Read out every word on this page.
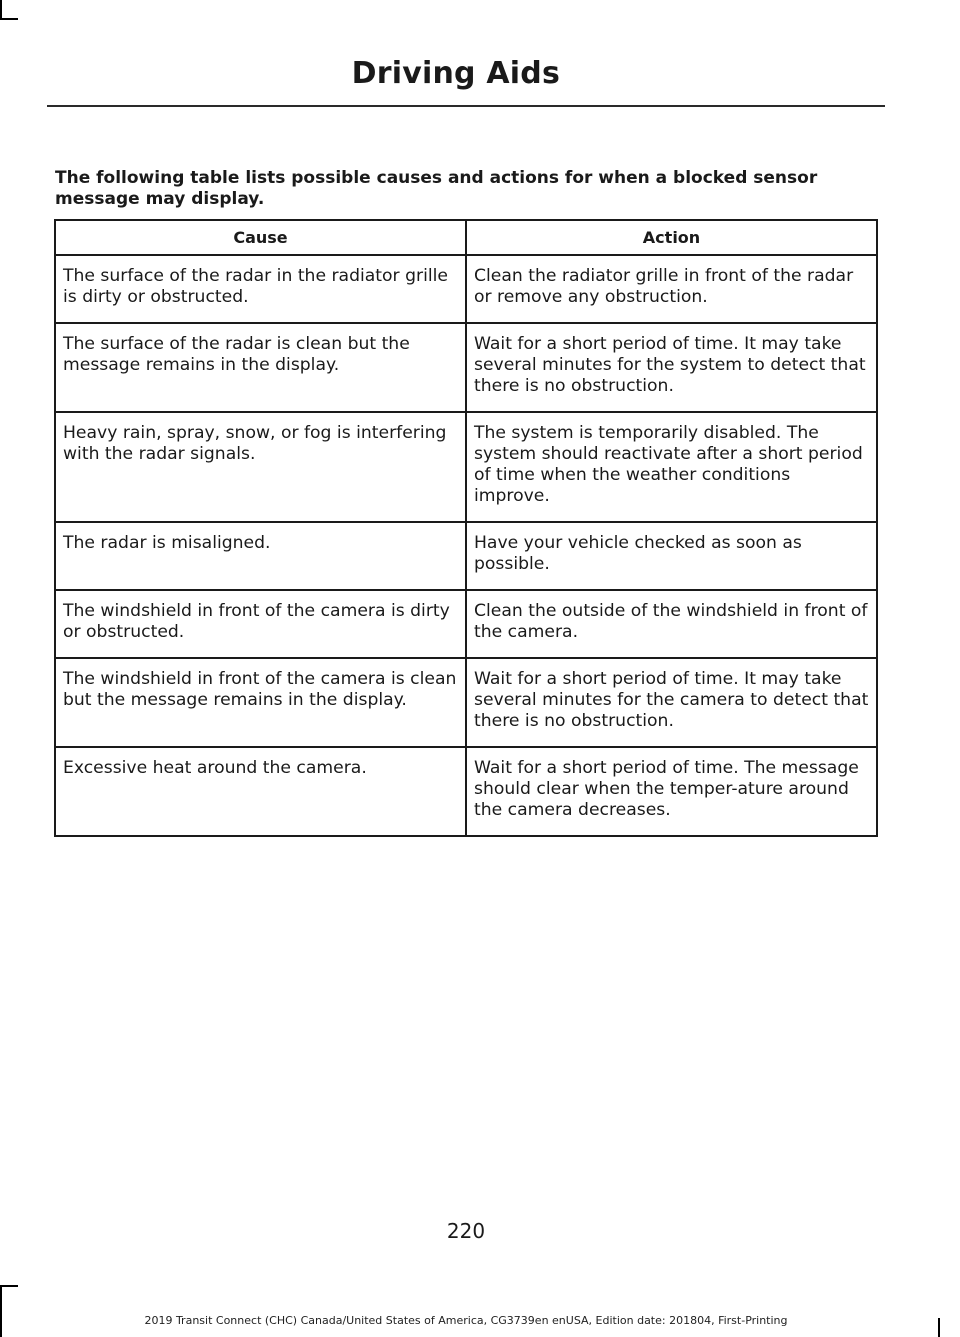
Driving Aids
The following table lists possible causes and actions for when a blocked sensor message may display.
Cause	Action
The surface of the radar in the radiator grille is dirty or obstructed.	Clean the radiator grille in front of the radar or remove any obstruction.
The surface of the radar is clean but the message remains in the display.	Wait for a short period of time. It may take several minutes for the system to detect that there is no obstruction.
Heavy rain, spray, snow, or fog is interfering with the radar signals.	The system is temporarily disabled. The system should reactivate after a short period of time when the weather conditions improve.
The radar is misaligned.	Have your vehicle checked as soon as possible.
The windshield in front of the camera is dirty or obstructed.	Clean the outside of the windshield in front of the camera.
The windshield in front of the camera is clean but the message remains in the display.	Wait for a short period of time. It may take several minutes for the camera to detect that there is no obstruction.
Excessive heat around the camera.	Wait for a short period of time. The message should clear when the temper-ature around the camera decreases.
220
2019 Transit Connect (CHC) Canada/United States of America, CG3739en enUSA, Edition date: 201804, First-Printing
